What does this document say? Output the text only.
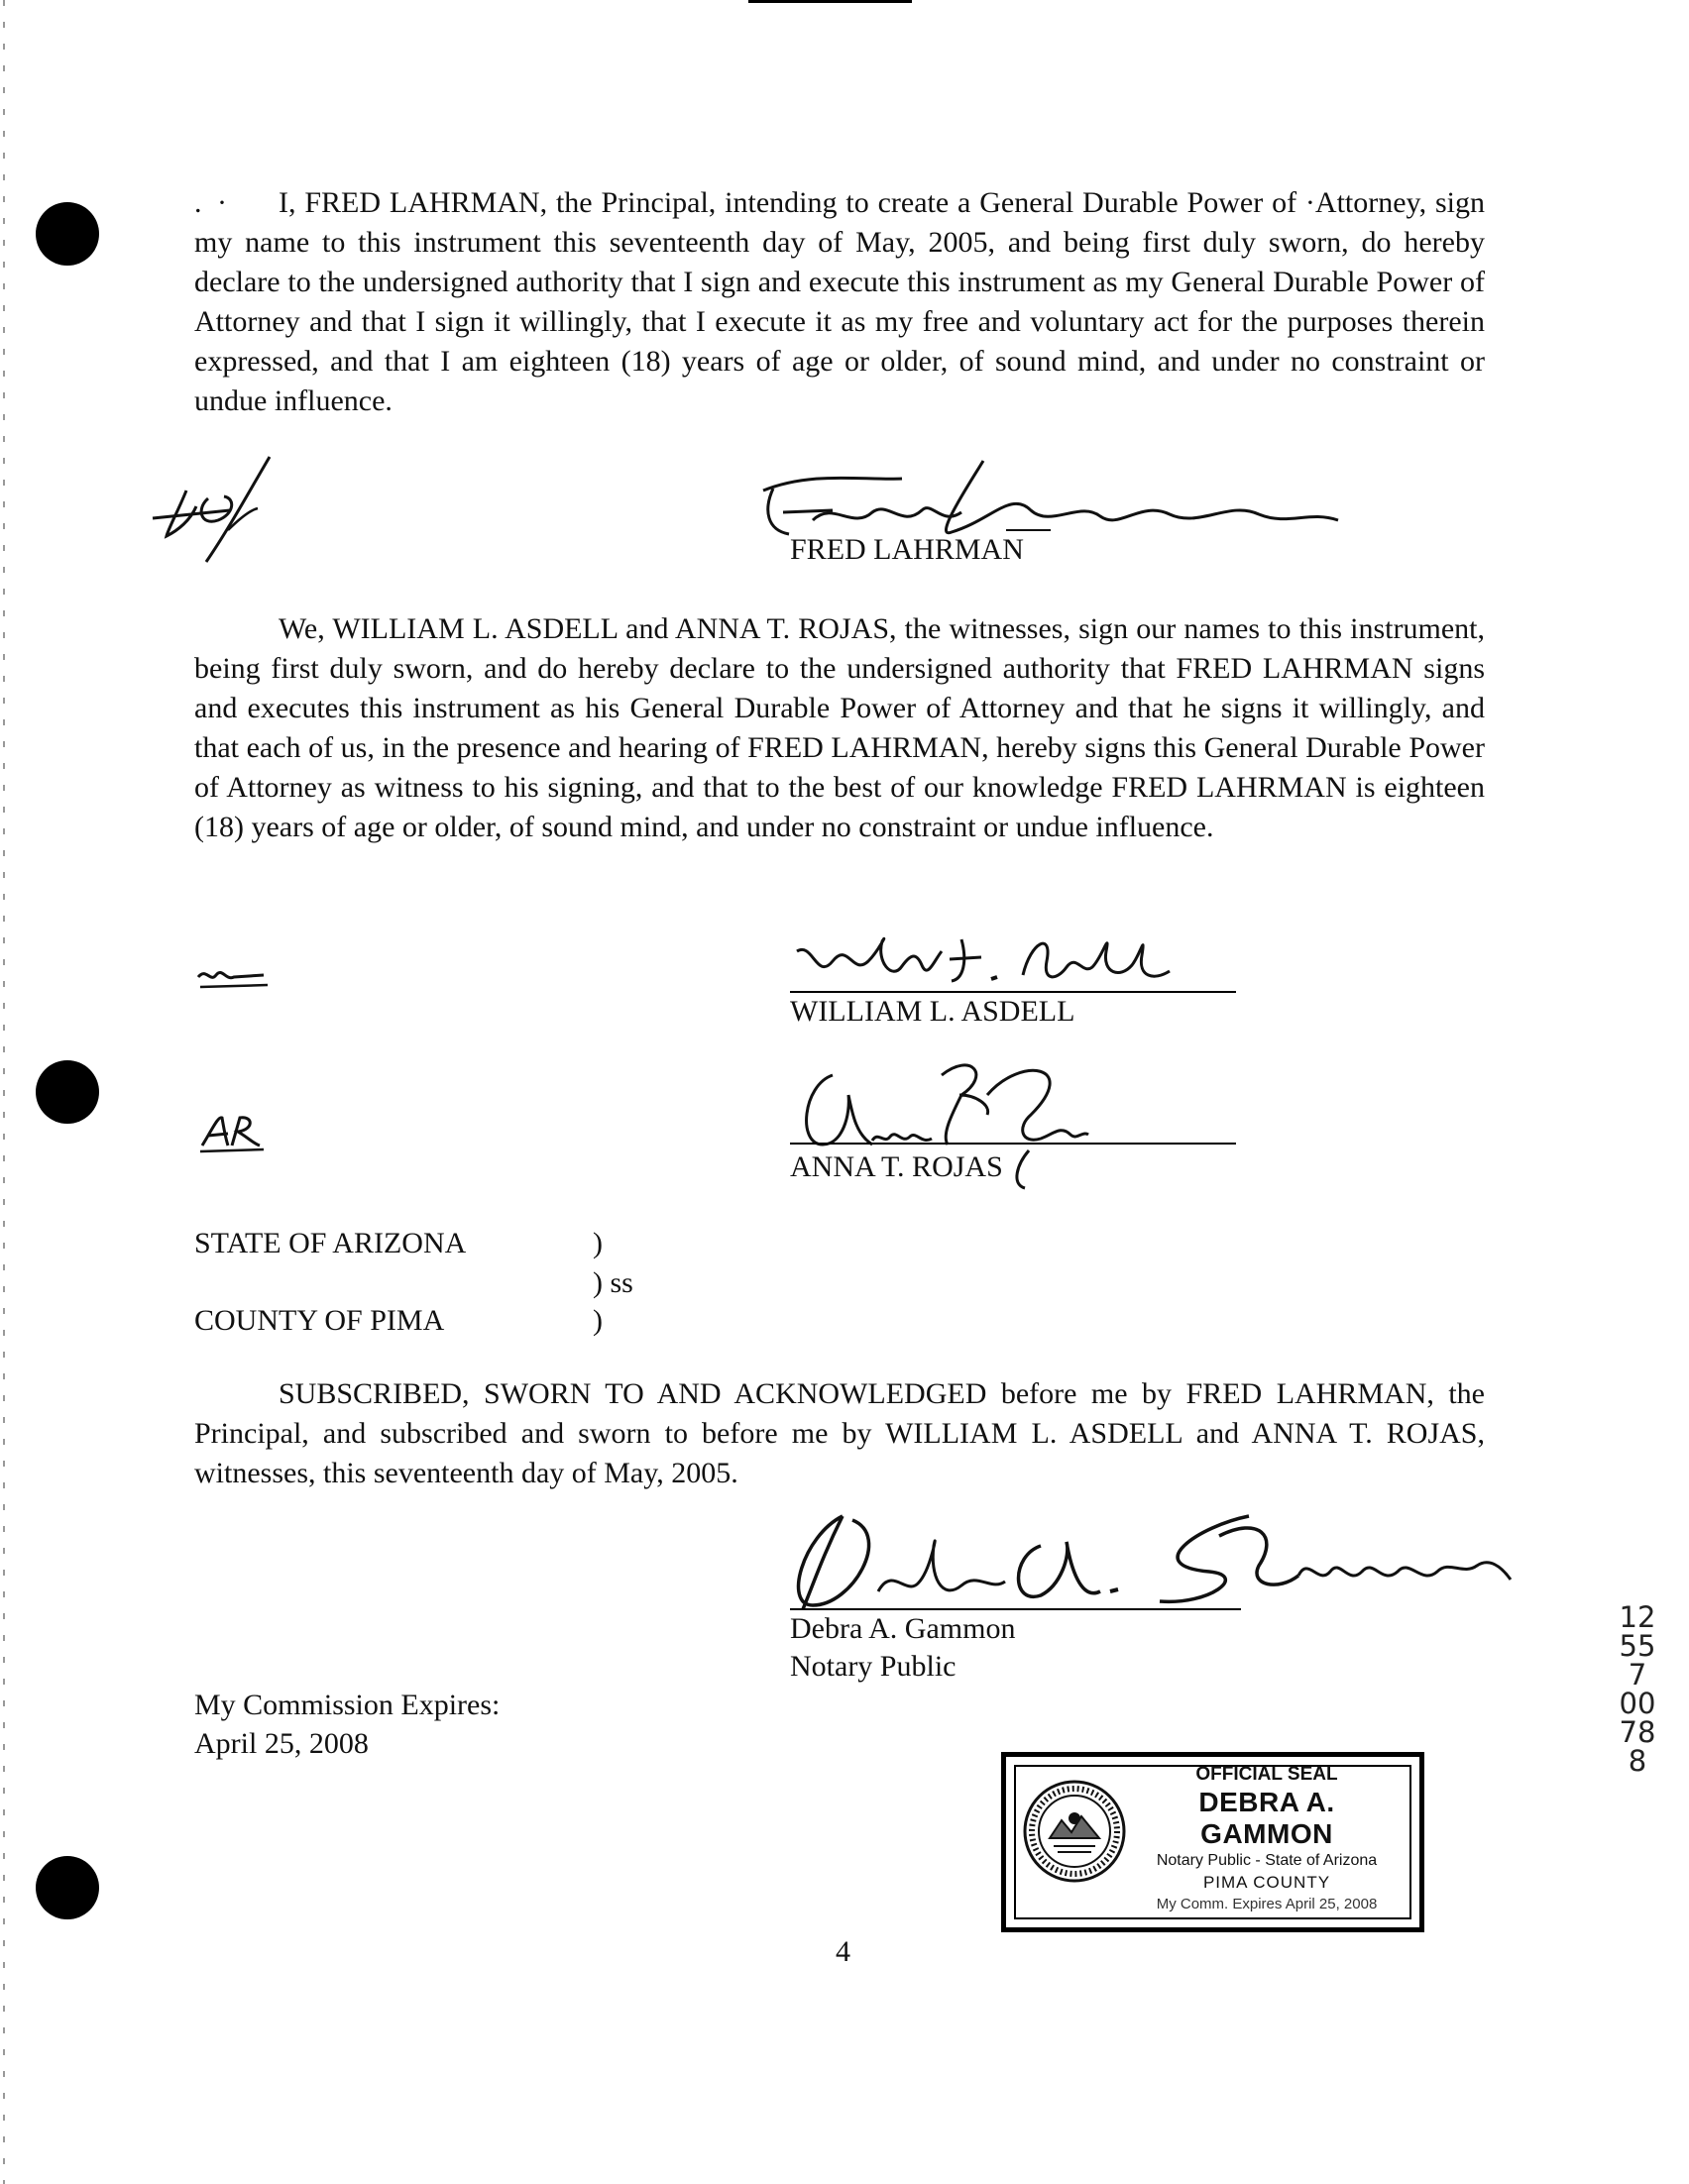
. · I, FRED LAHRMAN, the Principal, intending to create a General Durable Power of ·Attorney, sign my name to this instrument this seventeenth day of May, 2005, and being first duly sworn, do hereby declare to the undersigned authority that I sign and execute this instrument as my General Durable Power of Attorney and that I sign it willingly, that I execute it as my free and voluntary act for the purposes therein expressed, and that I am eighteen (18) years of age or older, of sound mind, and under no constraint or undue influence.

FRED LAHRMAN

We, WILLIAM L. ASDELL and ANNA T. ROJAS, the witnesses, sign our names to this instrument, being first duly sworn, and do hereby declare to the undersigned authority that FRED LAHRMAN signs and executes this instrument as his General Durable Power of Attorney and that he signs it willingly, and that each of us, in the presence and hearing of FRED LAHRMAN, hereby signs this General Durable Power of Attorney as witness to his signing, and that to the best of our knowledge FRED LAHRMAN is eighteen (18) years of age or older, of sound mind, and under no constraint or undue influence.

WILLIAM L. ASDELL
ANNA T. ROJAS
STATE OF ARIZONA	)
) ss
COUNTY OF PIMA	)

SUBSCRIBED, SWORN TO AND ACKNOWLEDGED before me by FRED LAHRMAN, the Principal, and subscribed and sworn to before me by WILLIAM L. ASDELL and ANNA T. ROJAS, witnesses, this seventeenth day of May, 2005.

Debra A. Gammon
Notary Public
My Commission Expires:
April 25, 2008
OFFICIAL SEAL
DEBRA A. GAMMON
Notary Public - State of Arizona
PIMA COUNTY
My Comm. Expires April 25, 2008
4
12557 00788
